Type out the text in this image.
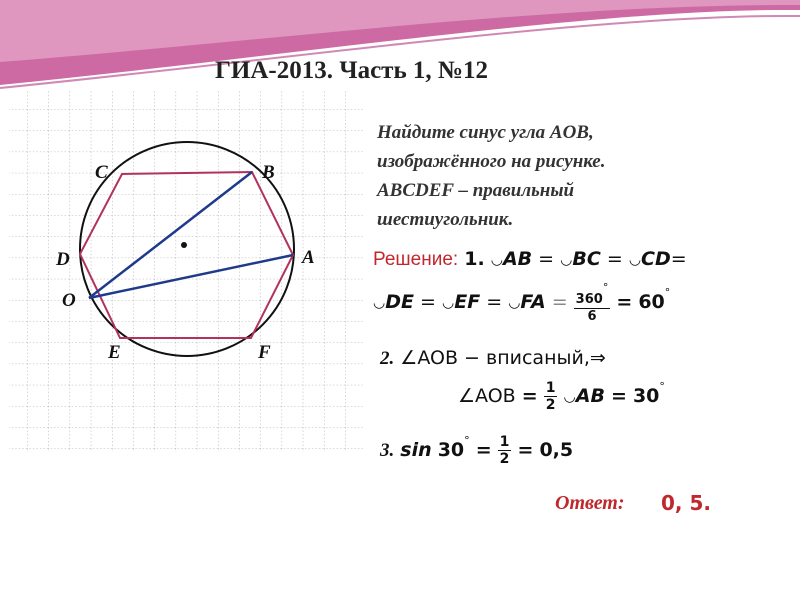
ГИА-2013. Часть 1, №12
A
B
C
D
E	F
O
Найдите синус угла AOB,
изображённого на рисунке.
ABCDEF – правильный
шестиугольник.
Решение: 1. ◡AB = ◡BC = ◡CD=
◡DE = ◡EF = ◡FA = $\frac{360^\circ}{6} = 60^\circ$
2. ∠AOB − вписаный,⇒
∠AOB = $\frac{1}{2}$ ◡AB = 30°
3. $\sin 30^\circ = \frac{1}{2} = 0,5$
Ответ: 0, 5.
